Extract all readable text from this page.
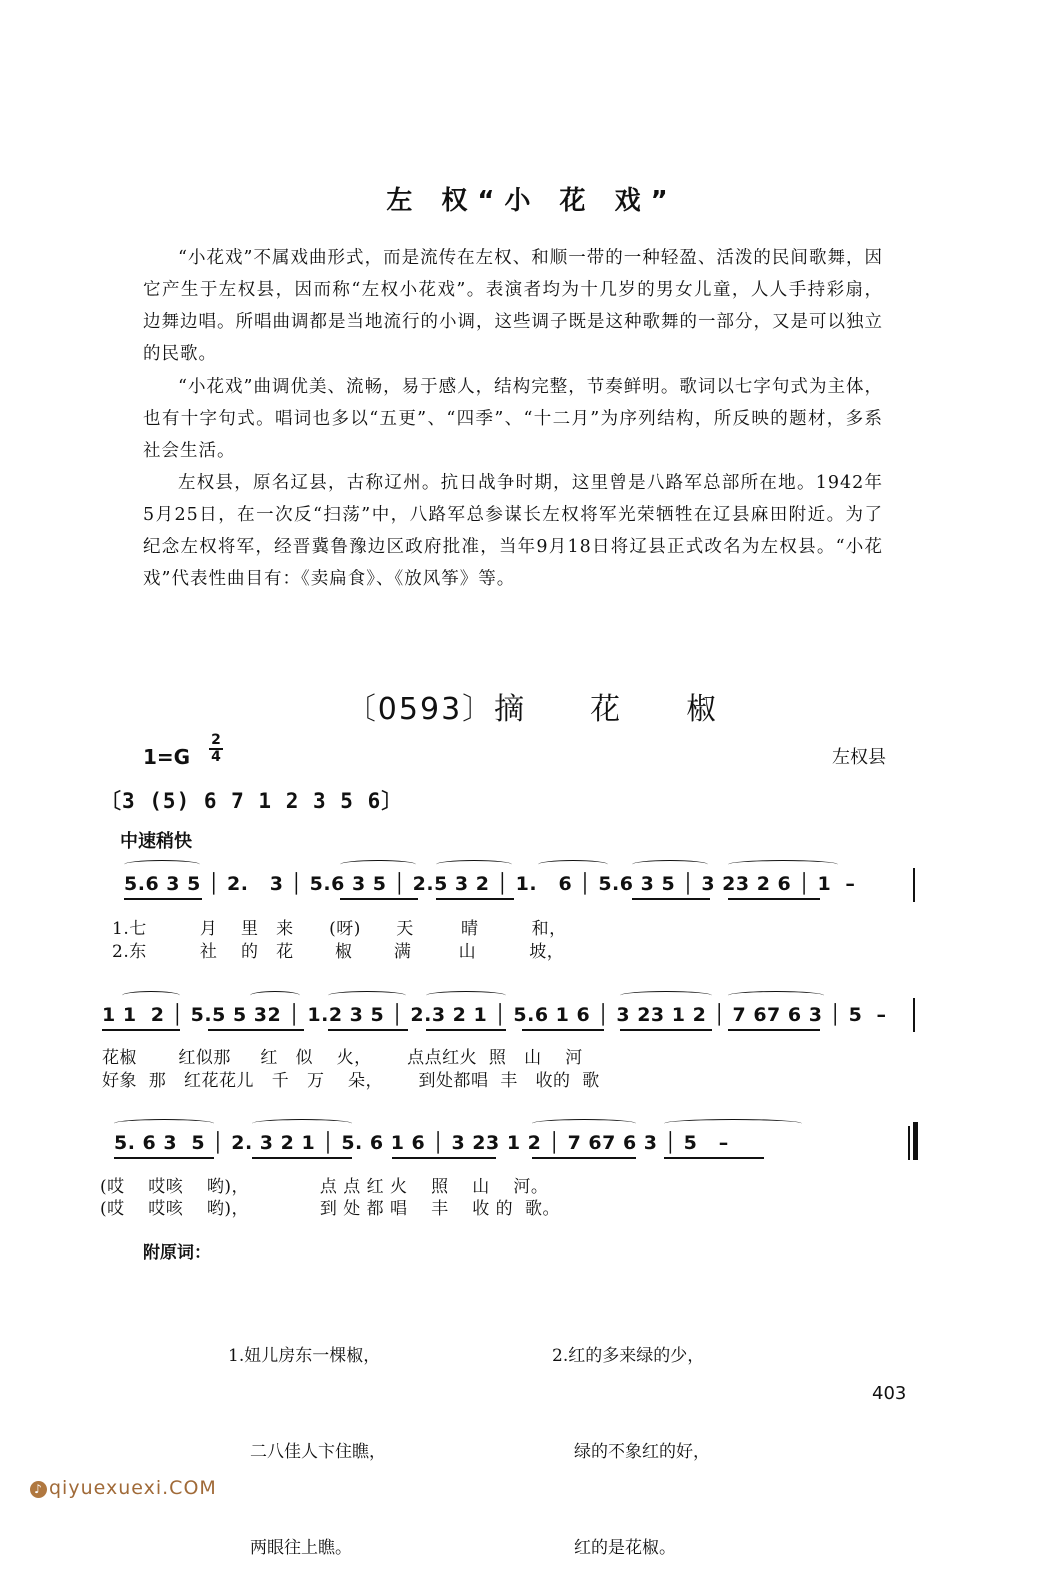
左 权“小 花 戏”

“小花戏”不属戏曲形式，而是流传在左权、和顺一带的一种轻盈、活泼的民间歌舞，因它产生于左权县，因而称“左权小花戏”。表演者均为十几岁的男女儿童，人人手持彩扇，边舞边唱。所唱曲调都是当地流行的小调，这些调子既是这种歌舞的一部分，又是可以独立的民歌。

“小花戏”曲调优美、流畅，易于感人，结构完整，节奏鲜明。歌词以七字句式为主体，也有十字句式。唱词也多以“五更”、“四季”、“十二月”为序列结构，所反映的题材，多系社会生活。

左权县，原名辽县，古称辽州。抗日战争时期，这里曾是八路军总部所在地。1942年5月25日，在一次反“扫荡”中，八路军总参谋长左权将军光荣牺牲在辽县麻田附近。为了纪念左权将军，经晋冀鲁豫边区政府批准，当年9月18日将辽县正式改名为左权县。“小花戏”代表性曲目有：《卖扁食》、《放风筝》等。

〔0593〕摘　　花　　椒
1=G
2
4	左权县
〔3 (5) 6 7 1 2 3 5 6〕
中速稍快
5.6 3 5 │ 2.   3 │ 5.6 3 5 │ 2.5 3 2 │ 1.   6 │ 5.6 3 5 │ 3 23 2 6 │ 1  –
1.七         月    里   来      (呀)      天        晴         和，
2.东         社    的   花       椒       满        山         坡，
1 1  2 │ 5.5 5 32 │ 1.2 3 5 │ 2.3 2 1 │ 5.6 1 6 │ 3 23 1 2 │ 7 67 6 3 │ 5  –
花椒       红似那     红   似    火，      点点红火  照   山    河
好象  那   红花花儿   千   万    朵，      到处都唱  丰   收的  歌
5. 6 3  5 │ 2. 3 2 1 │ 5. 6 1 6 │ 3 23 1 2 │ 7 67 6 3 │ 5   –
(哎    哎咳    哟)，            点 点 红 火    照    山    河。
(哎    哎咳    哟)，            到 处 都 唱    丰    收 的  歌。
附原词：

1.妞儿房东一棵椒，

二八佳人卞住瞧，

两眼往上瞧。

2.红的多来绿的少，

绿的不象红的好，

红的是花椒。

403
♪ qiyuexuexi.COM
